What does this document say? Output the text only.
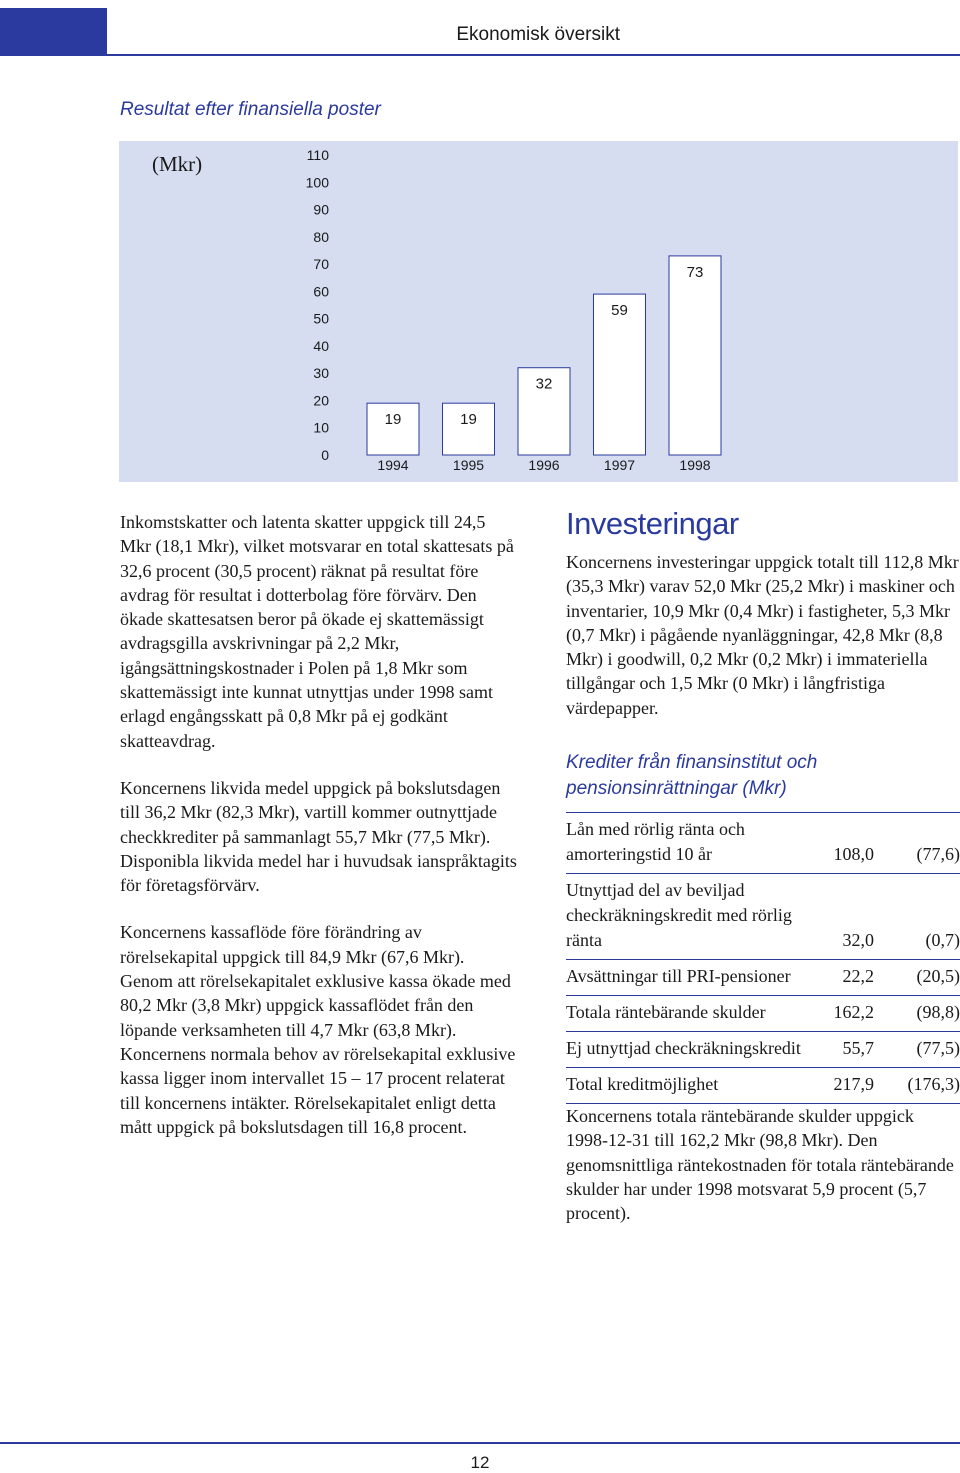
Ekonomisk översikt
Resultat efter finansiella poster
(Mkr)
0
10
20
30
40
50
60
70
80
90
100
110
19
1994
19
1995
32
1996
59
1997
73
1998

Inkomstskatter och latenta skatter uppgick till 24,5 Mkr (18,1 Mkr), vilket motsvarar en total skattesats på 32,6 procent (30,5 procent) räknat på resultat före avdrag för resultat i dotterbolag före förvärv. Den ökade skattesatsen beror på ökade ej skattemässigt avdragsgilla avskrivningar på 2,2 Mkr, igångsättningskostnader i Polen på 1,8 Mkr som skattemässigt inte kunnat utnyttjas under 1998 samt erlagd engångsskatt på 0,8 Mkr på ej godkänt skatteavdrag.

Koncernens likvida medel uppgick på bokslutsdagen till 36,2 Mkr (82,3 Mkr), vartill kommer outnyttjade checkkrediter på sammanlagt 55,7 Mkr (77,5 Mkr). Disponibla likvida medel har i huvudsak ianspråktagits för företagsförvärv.

Koncernens kassaflöde före förändring av rörelsekapital uppgick till 84,9 Mkr (67,6 Mkr). Genom att rörelsekapitalet exklusive kassa ökade med 80,2 Mkr (3,8 Mkr) uppgick kassaflödet från den löpande verksamheten till 4,7 Mkr (63,8 Mkr). Koncernens normala behov av rörelsekapital exklusive kassa ligger inom intervallet 15 – 17 procent relaterat till koncernens intäkter. Rörelsekapitalet enligt detta mått uppgick på bokslutsdagen till 16,8 procent.

Investeringar

Koncernens investeringar uppgick totalt till 112,8 Mkr (35,3 Mkr) varav 52,0 Mkr (25,2 Mkr) i maskiner och inventarier, 10,9 Mkr (0,4 Mkr) i fastigheter, 5,3 Mkr (0,7 Mkr) i pågående nyanläggningar, 42,8 Mkr (8,8 Mkr) i goodwill, 0,2 Mkr (0,2 Mkr) i immateriella tillgångar och 1,5 Mkr (0 Mkr) i långfristiga värdepapper.

Krediter från finansinstitut och pensionsinrättningar (Mkr)
Lån med rörlig ränta och amorteringstid 10 år	108,0	(77,6)
Utnyttjad del av beviljad checkräkningskredit med rörlig ränta	32,0	(0,7)
Avsättningar till PRI-pensioner	22,2	(20,5)
Totala räntebärande skulder	162,2	(98,8)
Ej utnyttjad checkräkningskredit	55,7	(77,5)
Total kreditmöjlighet	217,9	(176,3)

Koncernens totala räntebärande skulder uppgick 1998-12-31 till 162,2 Mkr (98,8 Mkr). Den genomsnittliga räntekostnaden för totala räntebärande skulder har under 1998 motsvarat 5,9 procent (5,7 procent).

12
